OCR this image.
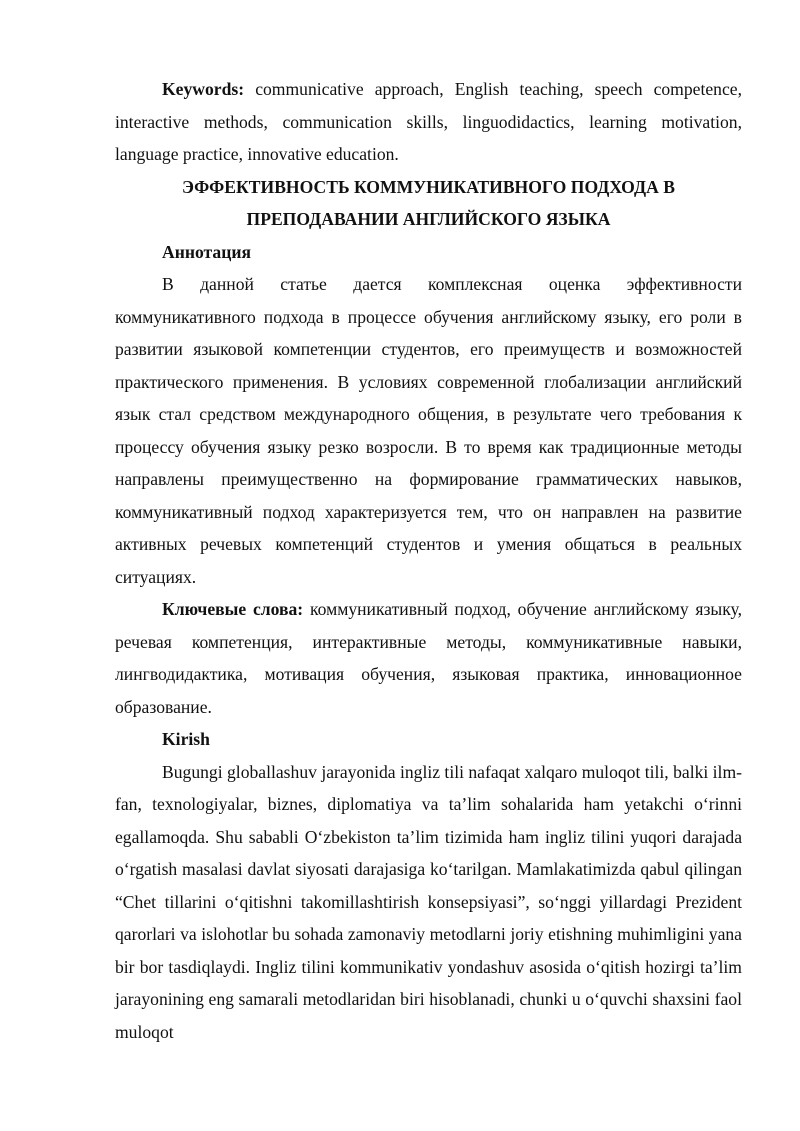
Keywords: communicative approach, English teaching, speech competence, interactive methods, communication skills, linguodidactics, learning motivation, language practice, innovative education.

ЭФФЕКТИВНОСТЬ КОММУНИКАТИВНОГО ПОДХОДА В
ПРЕПОДАВАНИИ АНГЛИЙСКОГО ЯЗЫКА
Аннотация

В данной статье дается комплексная оценка эффективности коммуникативного подхода в процессе обучения английскому языку, его роли в развитии языковой компетенции студентов, его преимуществ и возможностей практического применения. В условиях современной глобализации английский язык стал средством международного общения, в результате чего требования к процессу обучения языку резко возросли. В то время как традиционные методы направлены преимущественно на формирование грамматических навыков, коммуникативный подход характеризуется тем, что он направлен на развитие активных речевых компетенций студентов и умения общаться в реальных ситуациях.

Ключевые слова: коммуникативный подход, обучение английскому языку, речевая компетенция, интерактивные методы, коммуникативные навыки, лингводидактика, мотивация обучения, языковая практика, инновационное образование.

Kirish

Bugungi globallashuv jarayonida ingliz tili nafaqat xalqaro muloqot tili, balki ilm-fan, texnologiyalar, biznes, diplomatiya va ta’lim sohalarida ham yetakchi o‘rinni egallamoqda. Shu sababli O‘zbekiston ta’lim tizimida ham ingliz tilini yuqori darajada o‘rgatish masalasi davlat siyosati darajasiga ko‘tarilgan. Mamlakatimizda qabul qilingan “Chet tillarini o‘qitishni takomillashtirish konsepsiyasi”, so‘nggi yillardagi Prezident qarorlari va islohotlar bu sohada zamonaviy metodlarni joriy etishning muhimligini yana bir bor tasdiqlaydi. Ingliz tilini kommunikativ yondashuv asosida o‘qitish hozirgi ta’lim jarayonining eng samarali metodlaridan biri hisoblanadi, chunki u o‘quvchi shaxsini faol muloqot
